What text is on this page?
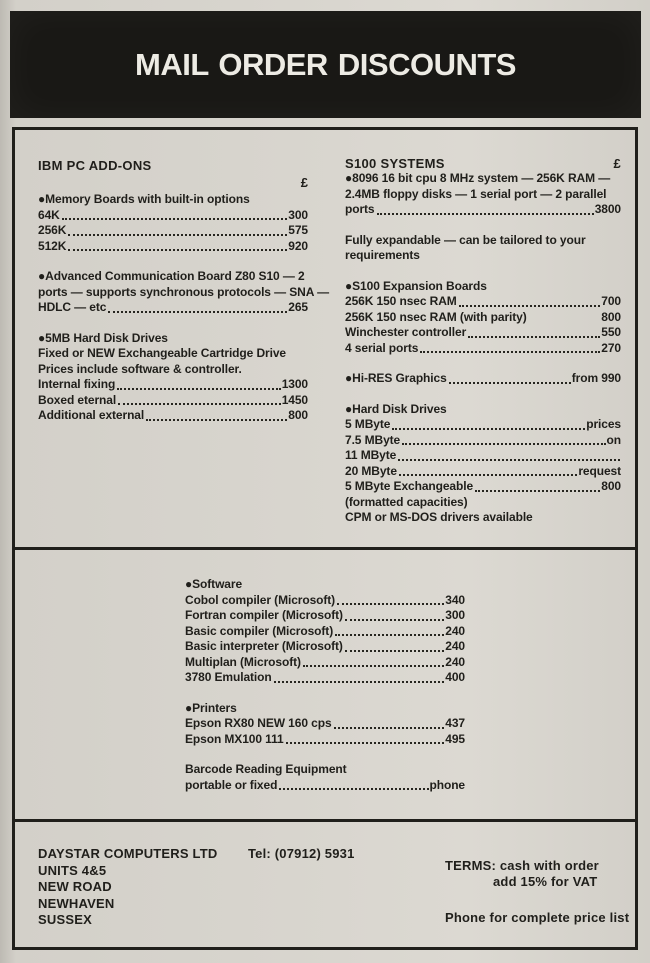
MAIL ORDER DISCOUNTS
IBM PC ADD-ONS
£
●Memory Boards with built-in options
64K	300
256K	575
512K	920
●Advanced Communication Board Z80 S10 — 2
ports — supports synchronous protocols — SNA —
HDLC — etc	265
●5MB Hard Disk Drives
Fixed or NEW Exchangeable Cartridge Drive
Prices include software & controller.
Internal fixing	1300
Boxed eternal	1450
Additional external	800
S100 SYSTEMS	£
●8096 16 bit cpu 8 MHz system — 256K RAM —
2.4MB floppy disks — 1 serial port — 2 parallel
ports	3800
Fully expandable — can be tailored to your
requirements
●S100 Expansion Boards
256K 150 nsec RAM	700
256K 150 nsec RAM (with parity)	800
Winchester controller	550
4 serial ports	270
●Hi-RES Graphics	from 990
●Hard Disk Drives
5 MByte	prices
7.5 MByte	on
11 MByte
20 MByte	request
5 MByte Exchangeable	800
(formatted capacities)
CPM or MS-DOS drivers available
●Software
Cobol compiler (Microsoft)	340
Fortran compiler (Microsoft)	300
Basic compiler (Microsoft)	240
Basic interpreter (Microsoft)	240
Multiplan (Microsoft)	240
3780 Emulation	400
●Printers
Epson RX80 NEW 160 cps	437
Epson MX100 111	495
Barcode Reading Equipment
portable or fixed	phone
DAYSTAR COMPUTERS LTD	Tel: (07912) 5931
UNITS 4&5
NEW ROAD
NEWHAVEN
SUSSEX
TERMS: cash with order
add 15% for VAT
Phone for complete price list
